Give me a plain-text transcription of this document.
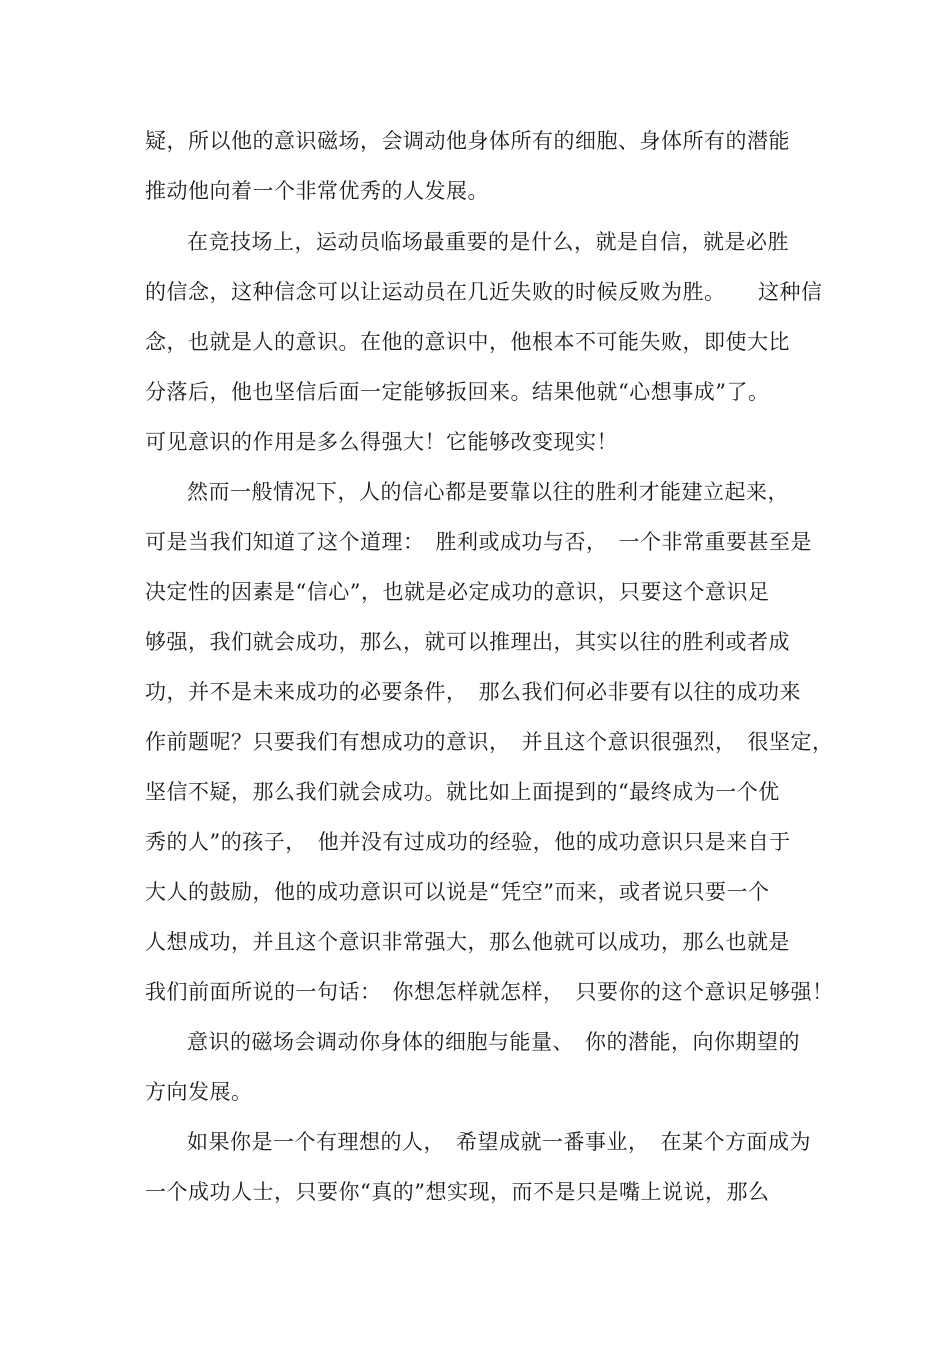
疑，所以他的意识磁场，会调动他身体所有的细胞、身体所有的潜能
推动他向着一个非常优秀的人发展。
在竞技场上，运动员临场最重要的是什么，就是自信，就是必胜
的信念，这种信念可以让运动员在几近失败的时候反败为胜。　　这种信
念，也就是人的意识。在他的意识中，他根本不可能失败，即使大比
分落后，他也坚信后面一定能够扳回来。结果他就“心想事成”了。
可见意识的作用是多么得强大！它能够改变现实！
然而一般情况下，人的信心都是要靠以往的胜利才能建立起来，
可是当我们知道了这个道理：　胜利或成功与否，　一个非常重要甚至是
决定性的因素是“信心”，也就是必定成功的意识，只要这个意识足
够强，我们就会成功，那么，就可以推理出，其实以往的胜利或者成
功，并不是未来成功的必要条件，　那么我们何必非要有以往的成功来
作前题呢？只要我们有想成功的意识，　并且这个意识很强烈，　很坚定，
坚信不疑，那么我们就会成功。就比如上面提到的“最终成为一个优
秀的人”的孩子，　他并没有过成功的经验，他的成功意识只是来自于
大人的鼓励，他的成功意识可以说是“凭空”而来，或者说只要一个
人想成功，并且这个意识非常强大，那么他就可以成功，那么也就是
我们前面所说的一句话：　你想怎样就怎样，　只要你的这个意识足够强！
意识的磁场会调动你身体的细胞与能量、　你的潜能，向你期望的
方向发展。
如果你是一个有理想的人，　希望成就一番事业，　在某个方面成为
一个成功人士，只要你“真的”想实现，而不是只是嘴上说说，那么
